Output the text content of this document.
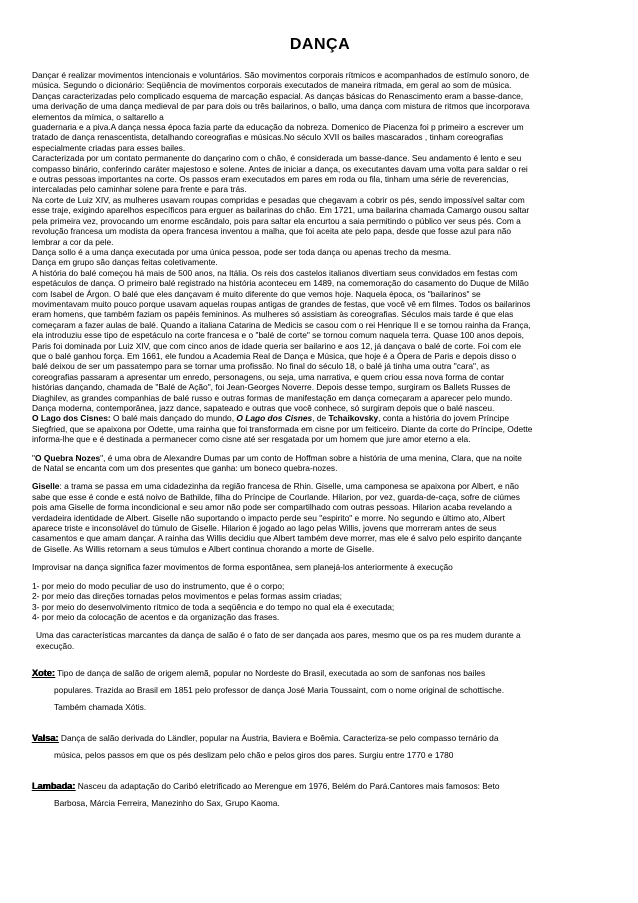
DANÇA

Dançar é realizar movimentos intencionais e voluntários. São movimentos corporais rítmicos e acompanhados de estímulo sonoro, de

música. Segundo o dicionário: Seqüência de movimentos corporais executados de maneira ritmada, em geral ao som de música.

Danças caracterizadas pelo complicado esquema de marcação espacial. As danças básicas do Renascimento eram a basse-dance,

uma derivação de uma dança medieval de par para dois ou três bailarinos, o ballo, uma dança com mistura de ritmos que incorporava

elementos da mímica, o saltarello a

guadernaria e a piva.A dança nessa época fazia parte da educação da nobreza. Domenico de Piacenza foi p primeiro a escrever um

tratado de dança renascentista, detalhando coreografias e músicas.No século XVII os bailes mascarados , tinham coreografias

especialmente criadas para esses bailes.

Caracterizada por um contato permanente do dançarino com o chão, é considerada um basse-dance. Seu andamento é lento e seu

compasso binário, conferindo caráter majestoso e solene. Antes de iniciar a dança, os executantes davam uma volta para saldar o rei

e outras pessoas importantes na corte. Os passos eram executados em pares em roda ou fila, tinham uma série de reverencias,

intercaladas pelo caminhar solene para frente e para trás.

Na corte de Luiz XIV, as mulheres usavam roupas compridas e pesadas que chegavam a cobrir os pés, sendo impossível saltar com

esse traje, exigindo aparelhos específicos para erguer as bailarinas do chão. Em 1721, uma bailarina chamada Camargo ousou saltar

pela primeira vez, provocando um enorme escândalo, pois para saltar ela encurtou a saia permitindo o público ver seus pés. Com a

revolução francesa um modista da opera francesa inventou a malha, que foi aceita ate pelo papa, desde que fosse azul para não

lembrar a cor da pele.

Dança sollo é a uma dança executada por uma única pessoa, pode ser toda dança ou apenas trecho da mesma.

Dança em grupo são danças feitas coletivamente.

A história do balé começou há mais de 500 anos, na Itália. Os reis dos castelos italianos divertiam seus convidados em festas com

espetáculos de dança. O primeiro balé registrado na história aconteceu em 1489, na comemoração do casamento do Duque de Milão

com Isabel de Árgon. O balé que eles dançavam é muito diferente do que vemos hoje. Naquela época, os "bailarinos" se

movimentavam muito pouco porque usavam aquelas roupas antigas de grandes de festas, que você vê em filmes. Todos os bailarinos

eram homens, que também faziam os papéis femininos. As mulheres só assistiam às coreografias. Séculos mais tarde é que elas

começaram a fazer aulas de balé. Quando a italiana Catarina de Medicis se casou com o rei Henrique II e se tornou rainha da França,

ela introduziu esse tipo de espetáculo na corte francesa e o "balé de corte" se tornou comum naquela terra. Quase 100 anos depois,

Paris foi dominada por Luiz XIV, que com cinco anos de idade queria ser bailarino e aos 12, já dançava o balé de corte. Foi com ele

que o balé ganhou força. Em 1661, ele fundou a Academia Real de Dança e Música, que hoje é a Ópera de Paris e depois disso o

balé deixou de ser um passatempo para se tornar uma profissão. No final do século 18, o balé já tinha uma outra "cara", as

coreografias passaram a apresentar um enredo, personagens, ou seja, uma narrativa, e quem criou essa nova forma de contar

histórias dançando, chamada de "Balé de Ação", foi Jean-Georges Noverre. Depois desse tempo, surgiram os Ballets Russes de

Diaghilev, as grandes companhias de balé russo e outras formas de manifestação em dança começaram a aparecer pelo mundo.

Dança moderna, contemporânea, jazz dance, sapateado e outras que você conhece, só surgiram depois que o balé nasceu.

O Lago dos Cisnes: O balé mais dançado do mundo, O Lago dos Cisnes, de Tchaikovsky, conta a história do jovem Príncipe

Siegfried, que se apaixona por Odette, uma rainha que foi transformada em cisne por um feiticeiro. Diante da corte do Príncipe, Odette

informa-lhe que e é destinada a permanecer como cisne até ser resgatada por um homem que jure amor eterno a ela.

"O Quebra Nozes", é uma obra de Alexandre Dumas par um conto de Hoffman sobre a história de uma menina, Clara, que na noite

de Natal se encanta com um dos presentes que ganha: um boneco quebra-nozes.

Giselle: a trama se passa em uma cidadezinha da região francesa de Rhin. Giselle, uma camponesa se apaixona por Albert, e não

sabe que esse é conde e está noivo de Bathilde, filha do Príncipe de Courlande. Hilarion, por vez, guarda-de-caça, sofre de ciúmes

pois ama Giselle de forma incondicional e seu amor não pode ser compartilhado com outras pessoas. Hilarion acaba revelando a

verdadeira identidade de Albert. Giselle não suportando o impacto perde seu "espirito" e morre. No segundo e último ato, Albert

aparece triste e inconsolável do túmulo de Giselle. Hilarion é jogado ao lago pelas Willis, jovens que morreram antes de seus

casamentos e que amam dançar. A rainha das Willis decidiu que Albert também deve morrer, mas ele é salvo pelo espirito dançante

de Giselle. As Willis retornam a seus túmulos e Albert continua chorando a morte de Giselle.

Improvisar na dança significa fazer movimentos de forma espontânea, sem planejá-los anteriormente à execução

1- por meio do modo peculiar de uso do instrumento, que é o corpo;

2- por meio das direções tornadas pelos movimentos e pelas formas assim criadas;

3- por meio do desenvolvimento rítmico de toda a seqüência e do tempo no qual ela é executada;

4- por meio da colocação de acentos e da organização das frases.

Uma das características marcantes da dança de salão é o fato de ser dançada aos pares, mesmo que os pa res mudem durante a

execução.

Xote: Tipo de dança de salão de origem alemã, popular no Nordeste do Brasil, executada ao som de sanfonas nos bailes
populares. Trazida ao Brasil em 1851 pelo professor de dança José Maria Toussaint, com o nome original de schottische.
Também chamada Xótis.
Valsa: Dança de salão derivada do Ländler, popular na Áustria, Baviera e Boêmia. Caracteriza-se pelo compasso ternário da
música, pelos passos em que os pés deslizam pelo chão e pelos giros dos pares. Surgiu entre 1770 e 1780
Lambada: Nasceu da adaptação do Caribó eletrificado ao Merengue em 1976, Belém do Pará.Cantores mais famosos: Beto
Barbosa, Márcia Ferreira, Manezinho do Sax, Grupo Kaoma.
